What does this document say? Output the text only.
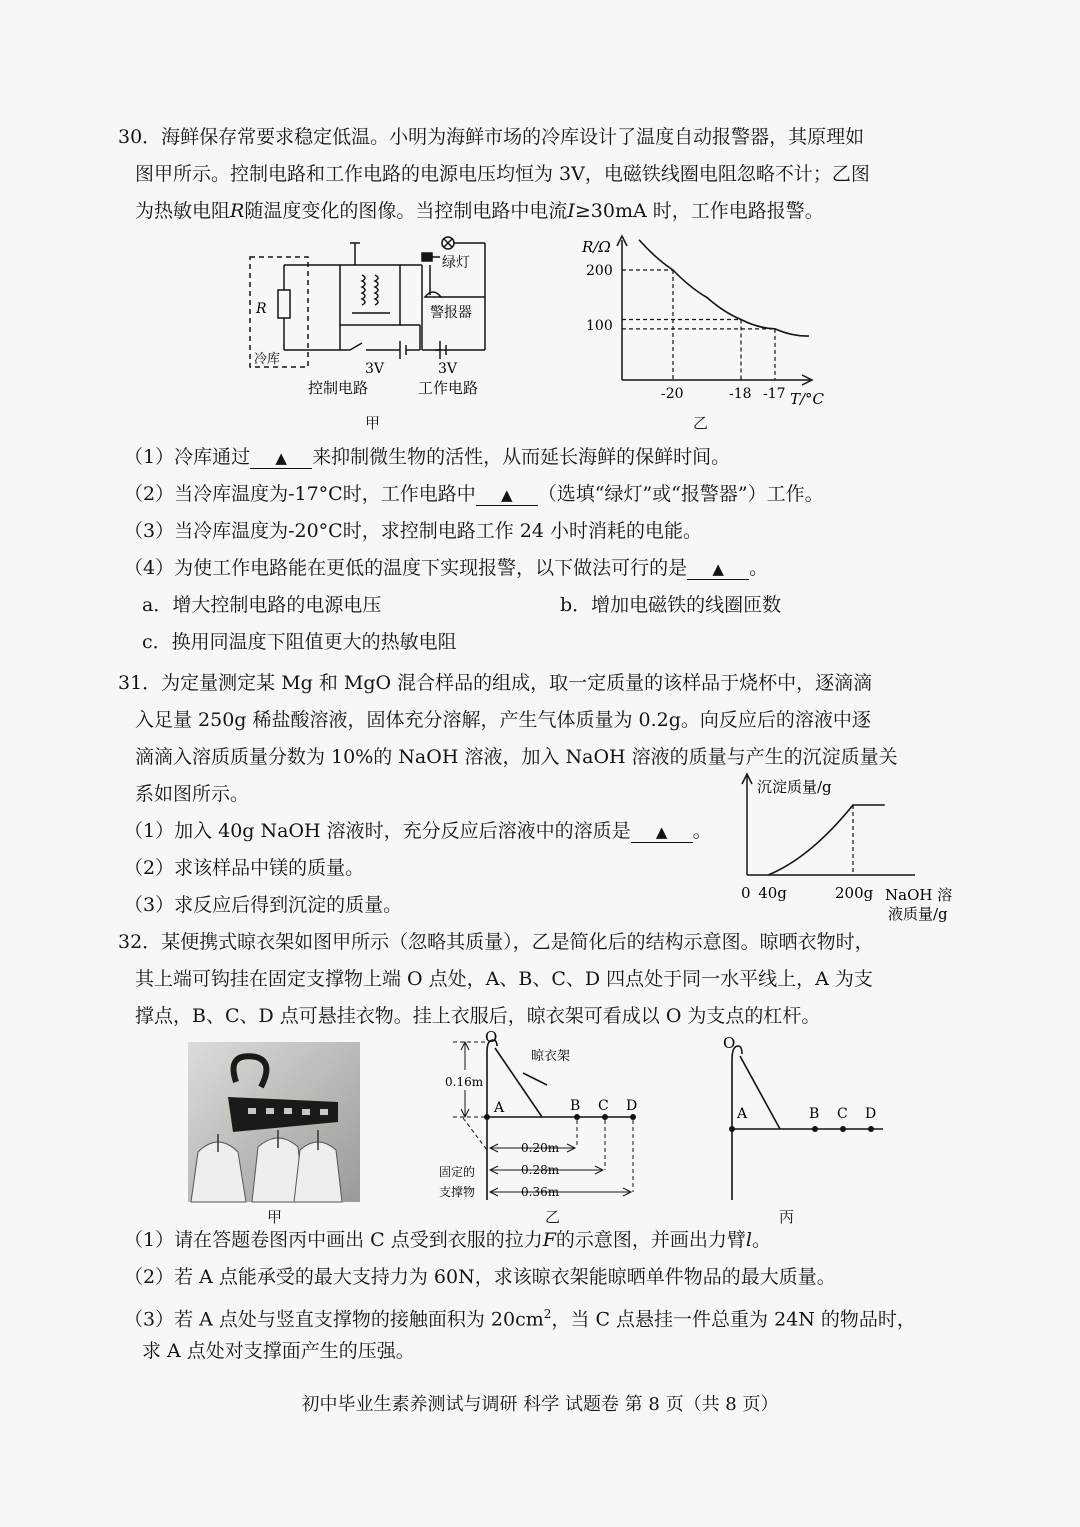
30．海鲜保存常要求稳定低温。小明为海鲜市场的冷库设计了温度自动报警器，其原理如
图甲所示。控制电路和工作电路的电源电压均恒为 3V，电磁铁线圈电阻忽略不计；乙图
为热敏电阻R随温度变化的图像。当控制电路中电流I≥30mA 时，工作电路报警。
R
冷库
绿灯
警报器
3V	3V
控制电路	工作电路
甲
R/Ω
T/°C
-20	-18 -17
200
100
乙
（1）冷库通过 ▲ 来抑制微生物的活性，从而延长海鲜的保鲜时间。
（2）当冷库温度为-17°C时，工作电路中 ▲ （选填“绿灯”或“报警器”）工作。
（3）当冷库温度为-20°C时，求控制电路工作 24 小时消耗的电能。
（4）为使工作电路能在更低的温度下实现报警，以下做法可行的是 ▲ 。
a．增大控制电路的电源电压	b．增加电磁铁的线圈匝数
c．换用同温度下阻值更大的热敏电阻
31．为定量测定某 Mg 和 MgO 混合样品的组成，取一定质量的该样品于烧杯中，逐滴滴
入足量 250g 稀盐酸溶液，固体充分溶解，产生气体质量为 0.2g。向反应后的溶液中逐
滴滴入溶质质量分数为 10%的 NaOH 溶液，加入 NaOH 溶液的质量与产生的沉淀质量关
系如图所示。
（1）加入 40g NaOH 溶液时，充分反应后溶液中的溶质是 ▲ 。
（2）求该样品中镁的质量。
（3）求反应后得到沉淀的质量。
沉淀质量/g
0 40g	200g NaOH 溶
液质量/g
32．某便携式晾衣架如图甲所示（忽略其质量），乙是简化后的结构示意图。晾晒衣物时，
其上端可钩挂在固定支撑物上端 O 点处，A、B、C、D 四点处于同一水平线上，A 为支
撑点，B、C、D 点可悬挂衣物。挂上衣服后，晾衣架可看成以 O 为支点的杠杆。
甲
O
A	B C D
晾衣架
0.16m
0.20m
0.28m
0.36m
固定的
支撑物
乙
O
A	B C D
丙
（1）请在答题卷图丙中画出 C 点受到衣服的拉力F的示意图，并画出力臂l。
（2）若 A 点能承受的最大支持力为 60N，求该晾衣架能晾晒单件物品的最大质量。
（3）若 A 点处与竖直支撑物的接触面积为 $20cm^2$，当 C 点悬挂一件总重为 24N 的物品时，
求 A 点处对支撑面产生的压强。
初中毕业生素养测试与调研 科学 试题卷 第 8 页（共 8 页）
